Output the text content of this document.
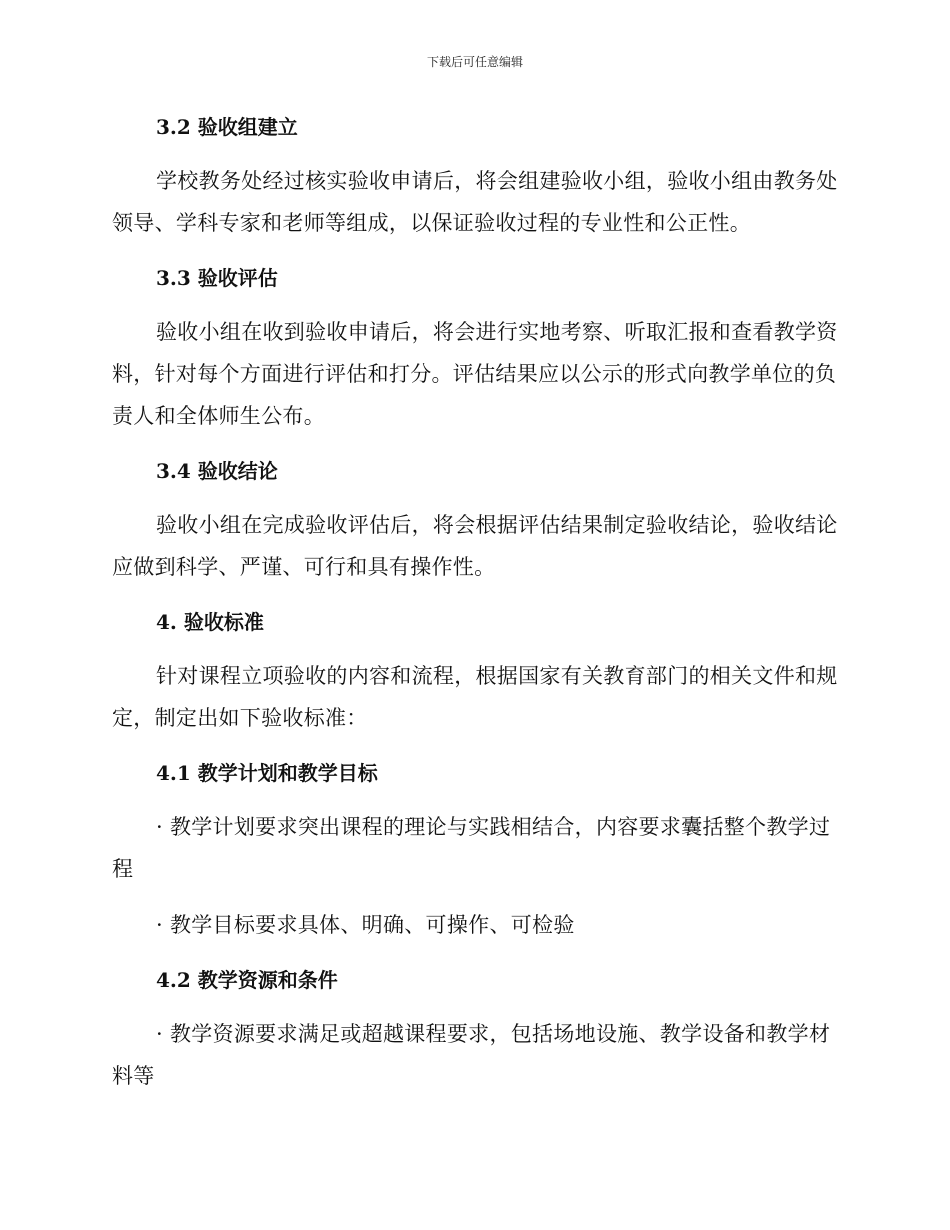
下载后可任意编辑
3.2 验收组建立

学校教务处经过核实验收申请后，将会组建验收小组，验收小组由教务处领导、学科专家和老师等组成，以保证验收过程的专业性和公正性。

3.3 验收评估

验收小组在收到验收申请后，将会进行实地考察、听取汇报和查看教学资料，针对每个方面进行评估和打分。评估结果应以公示的形式向教学单位的负责人和全体师生公布。

3.4 验收结论

验收小组在完成验收评估后，将会根据评估结果制定验收结论，验收结论应做到科学、严谨、可行和具有操作性。

4. 验收标准

针对课程立项验收的内容和流程，根据国家有关教育部门的相关文件和规定，制定出如下验收标准：

4.1 教学计划和教学目标

· 教学计划要求突出课程的理论与实践相结合，内容要求囊括整个教学过程

· 教学目标要求具体、明确、可操作、可检验

4.2 教学资源和条件

· 教学资源要求满足或超越课程要求，包括场地设施、教学设备和教学材料等
